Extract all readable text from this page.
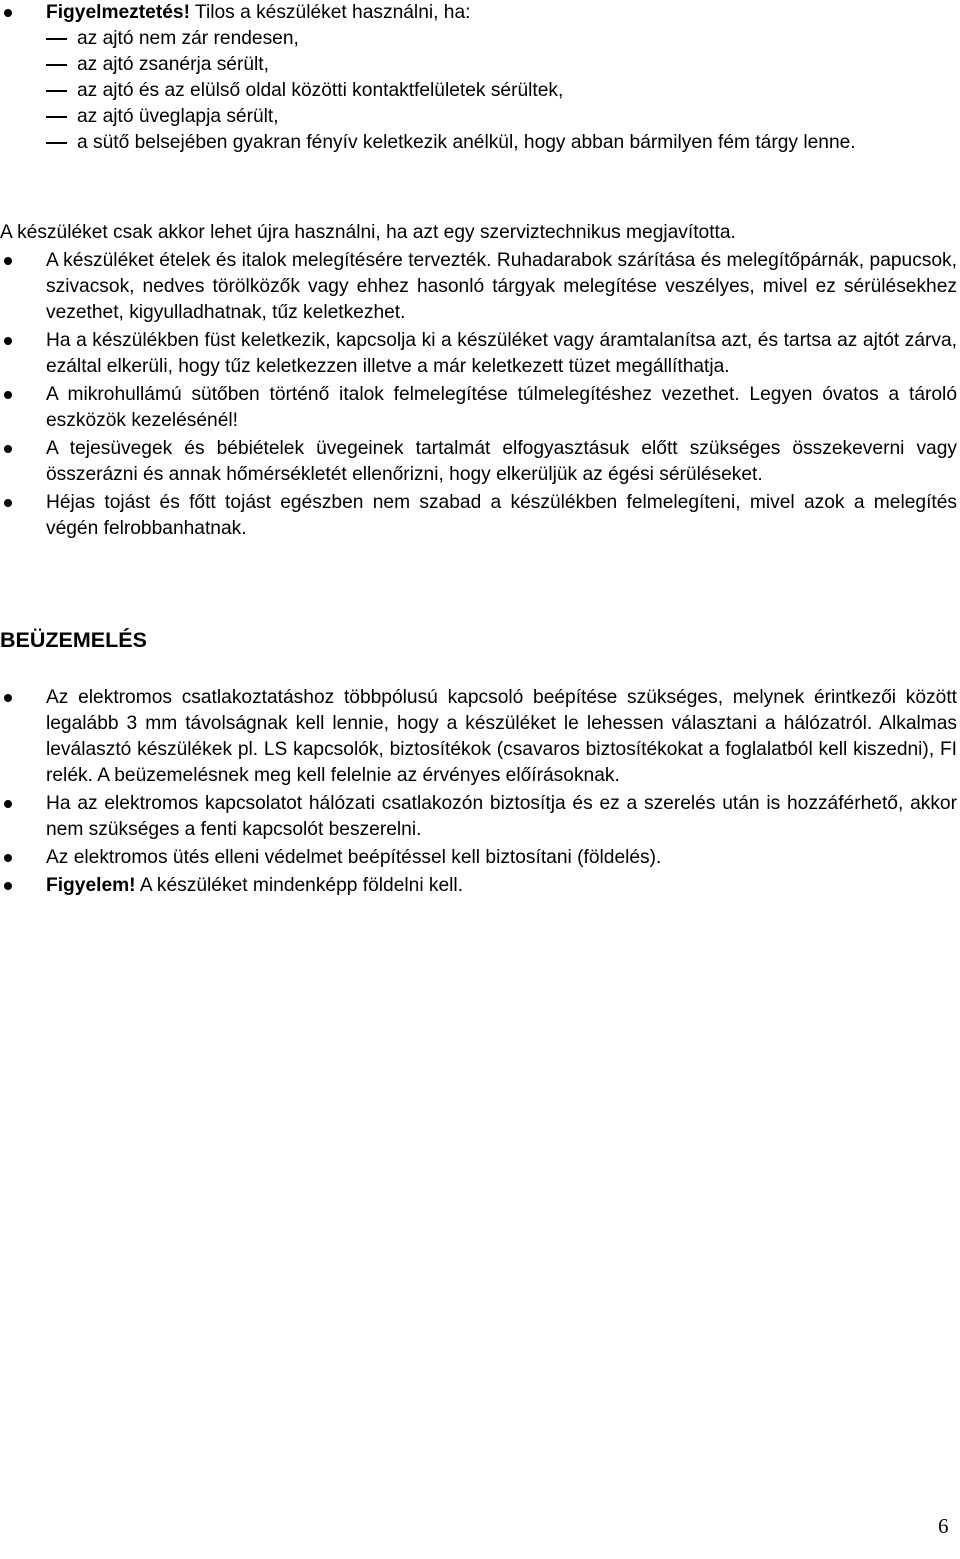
Figyelmeztetés! Tilos a készüléket használni, ha:
az ajtó nem zár rendesen,
az ajtó zsanérja sérült,
az ajtó és az elülső oldal közötti kontaktfelületek sérültek,
az ajtó üveglapja sérült,
a sütő belsejében gyakran fényív keletkezik anélkül, hogy abban bármilyen fém tárgy lenne.
A készüléket csak akkor lehet újra használni, ha azt egy szerviztechnikus megjavította.
A készüléket ételek és italok melegítésére tervezték. Ruhadarabok szárítása és melegítőpárnák, papucsok, szivacsok, nedves törölközők vagy ehhez hasonló tárgyak melegítése veszélyes, mivel ez sérülésekhez vezethet, kigyulladhatnak, tűz keletkezhet.
Ha a készülékben füst keletkezik, kapcsolja ki a készüléket vagy áramtalanítsa azt, és tartsa az ajtót zárva, ezáltal elkerüli, hogy tűz keletkezzen illetve a már keletkezett tüzet megállíthatja.
A mikrohullámú sütőben történő italok felmelegítése túlmelegítéshez vezethet. Legyen óvatos a tároló eszközök kezelésénél!
A tejesüvegek és bébiételek üvegeinek tartalmát elfogyasztásuk előtt szükséges összekeverni vagy összerázni és annak hőmérsékletét ellenőrizni, hogy elkerüljük az égési sérüléseket.
Héjas tojást és főtt tojást egészben nem szabad a készülékben felmelegíteni, mivel azok a melegítés végén felrobbanhatnak.
BEÜZEMELÉS
Az elektromos csatlakoztatáshoz többpólusú kapcsoló beépítése szükséges, melynek érintkezői között legalább 3 mm távolságnak kell lennie, hogy a készüléket le lehessen választani a hálózatról. Alkalmas leválasztó készülékek pl. LS kapcsolók, biztosítékok (csavaros biztosítékokat a foglalatból kell kiszedni), FI relék. A beüzemelésnek meg kell felelnie az érvényes előírásoknak.
Ha az elektromos kapcsolatot hálózati csatlakozón biztosítja és ez a szerelés után is hozzáférhető, akkor nem szükséges a fenti kapcsolót beszerelni.
Az elektromos ütés elleni védelmet beépítéssel kell biztosítani (földelés).
Figyelem! A készüléket mindenképp földelni kell.
6
